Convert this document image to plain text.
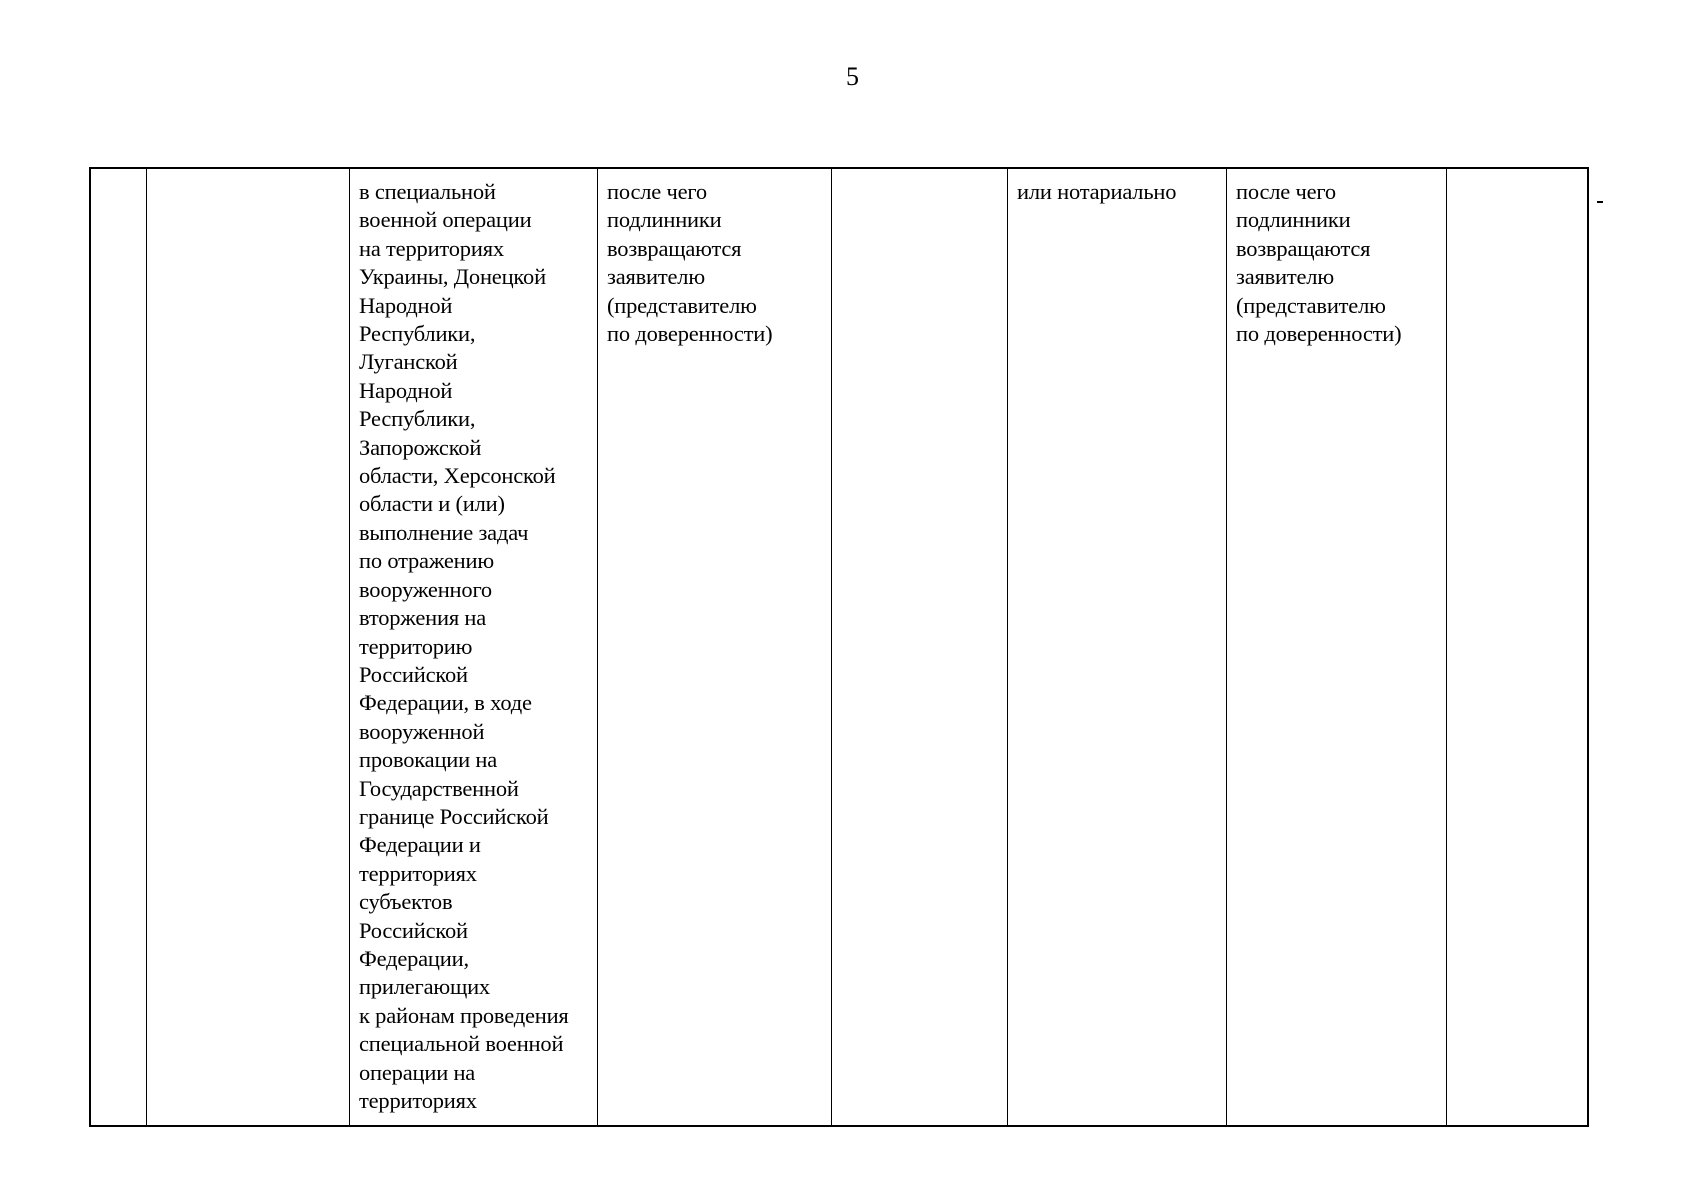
5
в специальной
военной операции
на территориях
Украины, Донецкой
Народной
Республики,
Луганской
Народной
Республики,
Запорожской
области, Херсонской
области и (или)
выполнение задач
по отражению
вооруженного
вторжения на
территорию
Российской
Федерации, в ходе
вооруженной
провокации на
Государственной
границе Российской
Федерации и
территориях
субъектов
Российской
Федерации,
прилегающих
к районам проведения
специальной военной
операции на
территориях
после чего
подлинники
возвращаются
заявителю
(представителю
по доверенности)
или нотариально	после чего
подлинники
возвращаются
заявителю
(представителю
по доверенности)
